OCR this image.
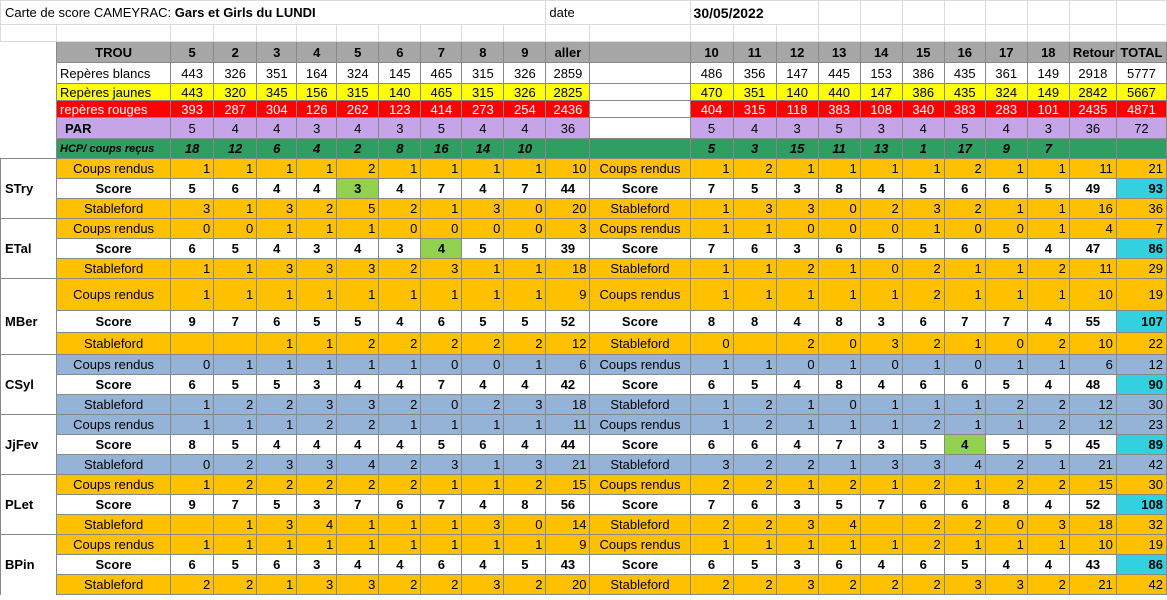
Carte de score CAMEYRAC: Gars et Girls du LUNDI											date		30/05/2022										

	TROU	5	2	3	4	5	6	7	8	9	aller		10	11	12	13	14	15	16	17	18	Retour	TOTAL
	Repères blancs	443	326	351	164	324	145	465	315	326	2859		486	356	147	445	153	386	435	361	149	2918	5777
	Repères jaunes	443	320	345	156	315	140	465	315	326	2825		470	351	140	440	147	386	435	324	149	2842	5667
	repères rouges	393	287	304	126	262	123	414	273	254	2436		404	315	118	383	108	340	383	283	101	2435	4871
	PAR	5	4	4	3	4	3	5	4	4	36		5	4	3	5	3	4	5	4	3	36	72
	HCP/ coups reçus	18	12	6	4	2	8	16	14	10			5	3	15	11	13	1	17	9	7		
	Coups rendus	1	1	1	1	2	1	1	1	1	10	Coups rendus	1	2	1	1	1	1	2	1	1	11	21
STry	Score	5	6	4	4	3	4	7	4	7	44	Score	7	5	3	8	4	5	6	6	5	49	93
	Stableford	3	1	3	2	5	2	1	3	0	20	Stableford	1	3	3	0	2	3	2	1	1	16	36
	Coups rendus	0	0	1	1	1	0	0	0	0	3	Coups rendus	1	1	0	0	0	1	0	0	1	4	7
ETal	Score	6	5	4	3	4	3	4	5	5	39	Score	7	6	3	6	5	5	6	5	4	47	86
	Stableford	1	1	3	3	3	2	3	1	1	18	Stableford	1	1	2	1	0	2	1	1	2	11	29
	Coups rendus	1	1	1	1	1	1	1	1	1	9	Coups rendus	1	1	1	1	1	2	1	1	1	10	19
MBer	Score	9	7	6	5	5	4	6	5	5	52	Score	8	8	4	8	3	6	7	7	4	55	107
	Stableford			1	1	2	2	2	2	2	12	Stableford	0		2	0	3	2	1	0	2	10	22
	Coups rendus	0	1	1	1	1	1	0	0	1	6	Coups rendus	1	1	0	1	0	1	0	1	1	6	12
CSyl	Score	6	5	5	3	4	4	7	4	4	42	Score	6	5	4	8	4	6	6	5	4	48	90
	Stableford	1	2	2	3	3	2	0	2	3	18	Stableford	1	2	1	0	1	1	1	2	2	12	30
	Coups rendus	1	1	1	2	2	1	1	1	1	11	Coups rendus	1	2	1	1	1	2	1	1	2	12	23
JjFev	Score	8	5	4	4	4	4	5	6	4	44	Score	6	6	4	7	3	5	4	5	5	45	89
	Stableford	0	2	3	3	4	2	3	1	3	21	Stableford	3	2	2	1	3	3	4	2	1	21	42
	Coups rendus	1	2	2	2	2	2	1	1	2	15	Coups rendus	2	2	1	2	1	2	1	2	2	15	30
PLet	Score	9	7	5	3	7	6	7	4	8	56	Score	7	6	3	5	7	6	6	8	4	52	108
	Stableford		1	3	4	1	1	1	3	0	14	Stableford	2	2	3	4		2	2	0	3	18	32
	Coups rendus	1	1	1	1	1	1	1	1	1	9	Coups rendus	1	1	1	1	1	2	1	1	1	10	19
BPin	Score	6	5	6	3	4	4	6	4	5	43	Score	6	5	3	6	4	6	5	4	4	43	86
	Stableford	2	2	1	3	3	2	2	3	2	20	Stableford	2	2	3	2	2	2	3	3	2	21	42
